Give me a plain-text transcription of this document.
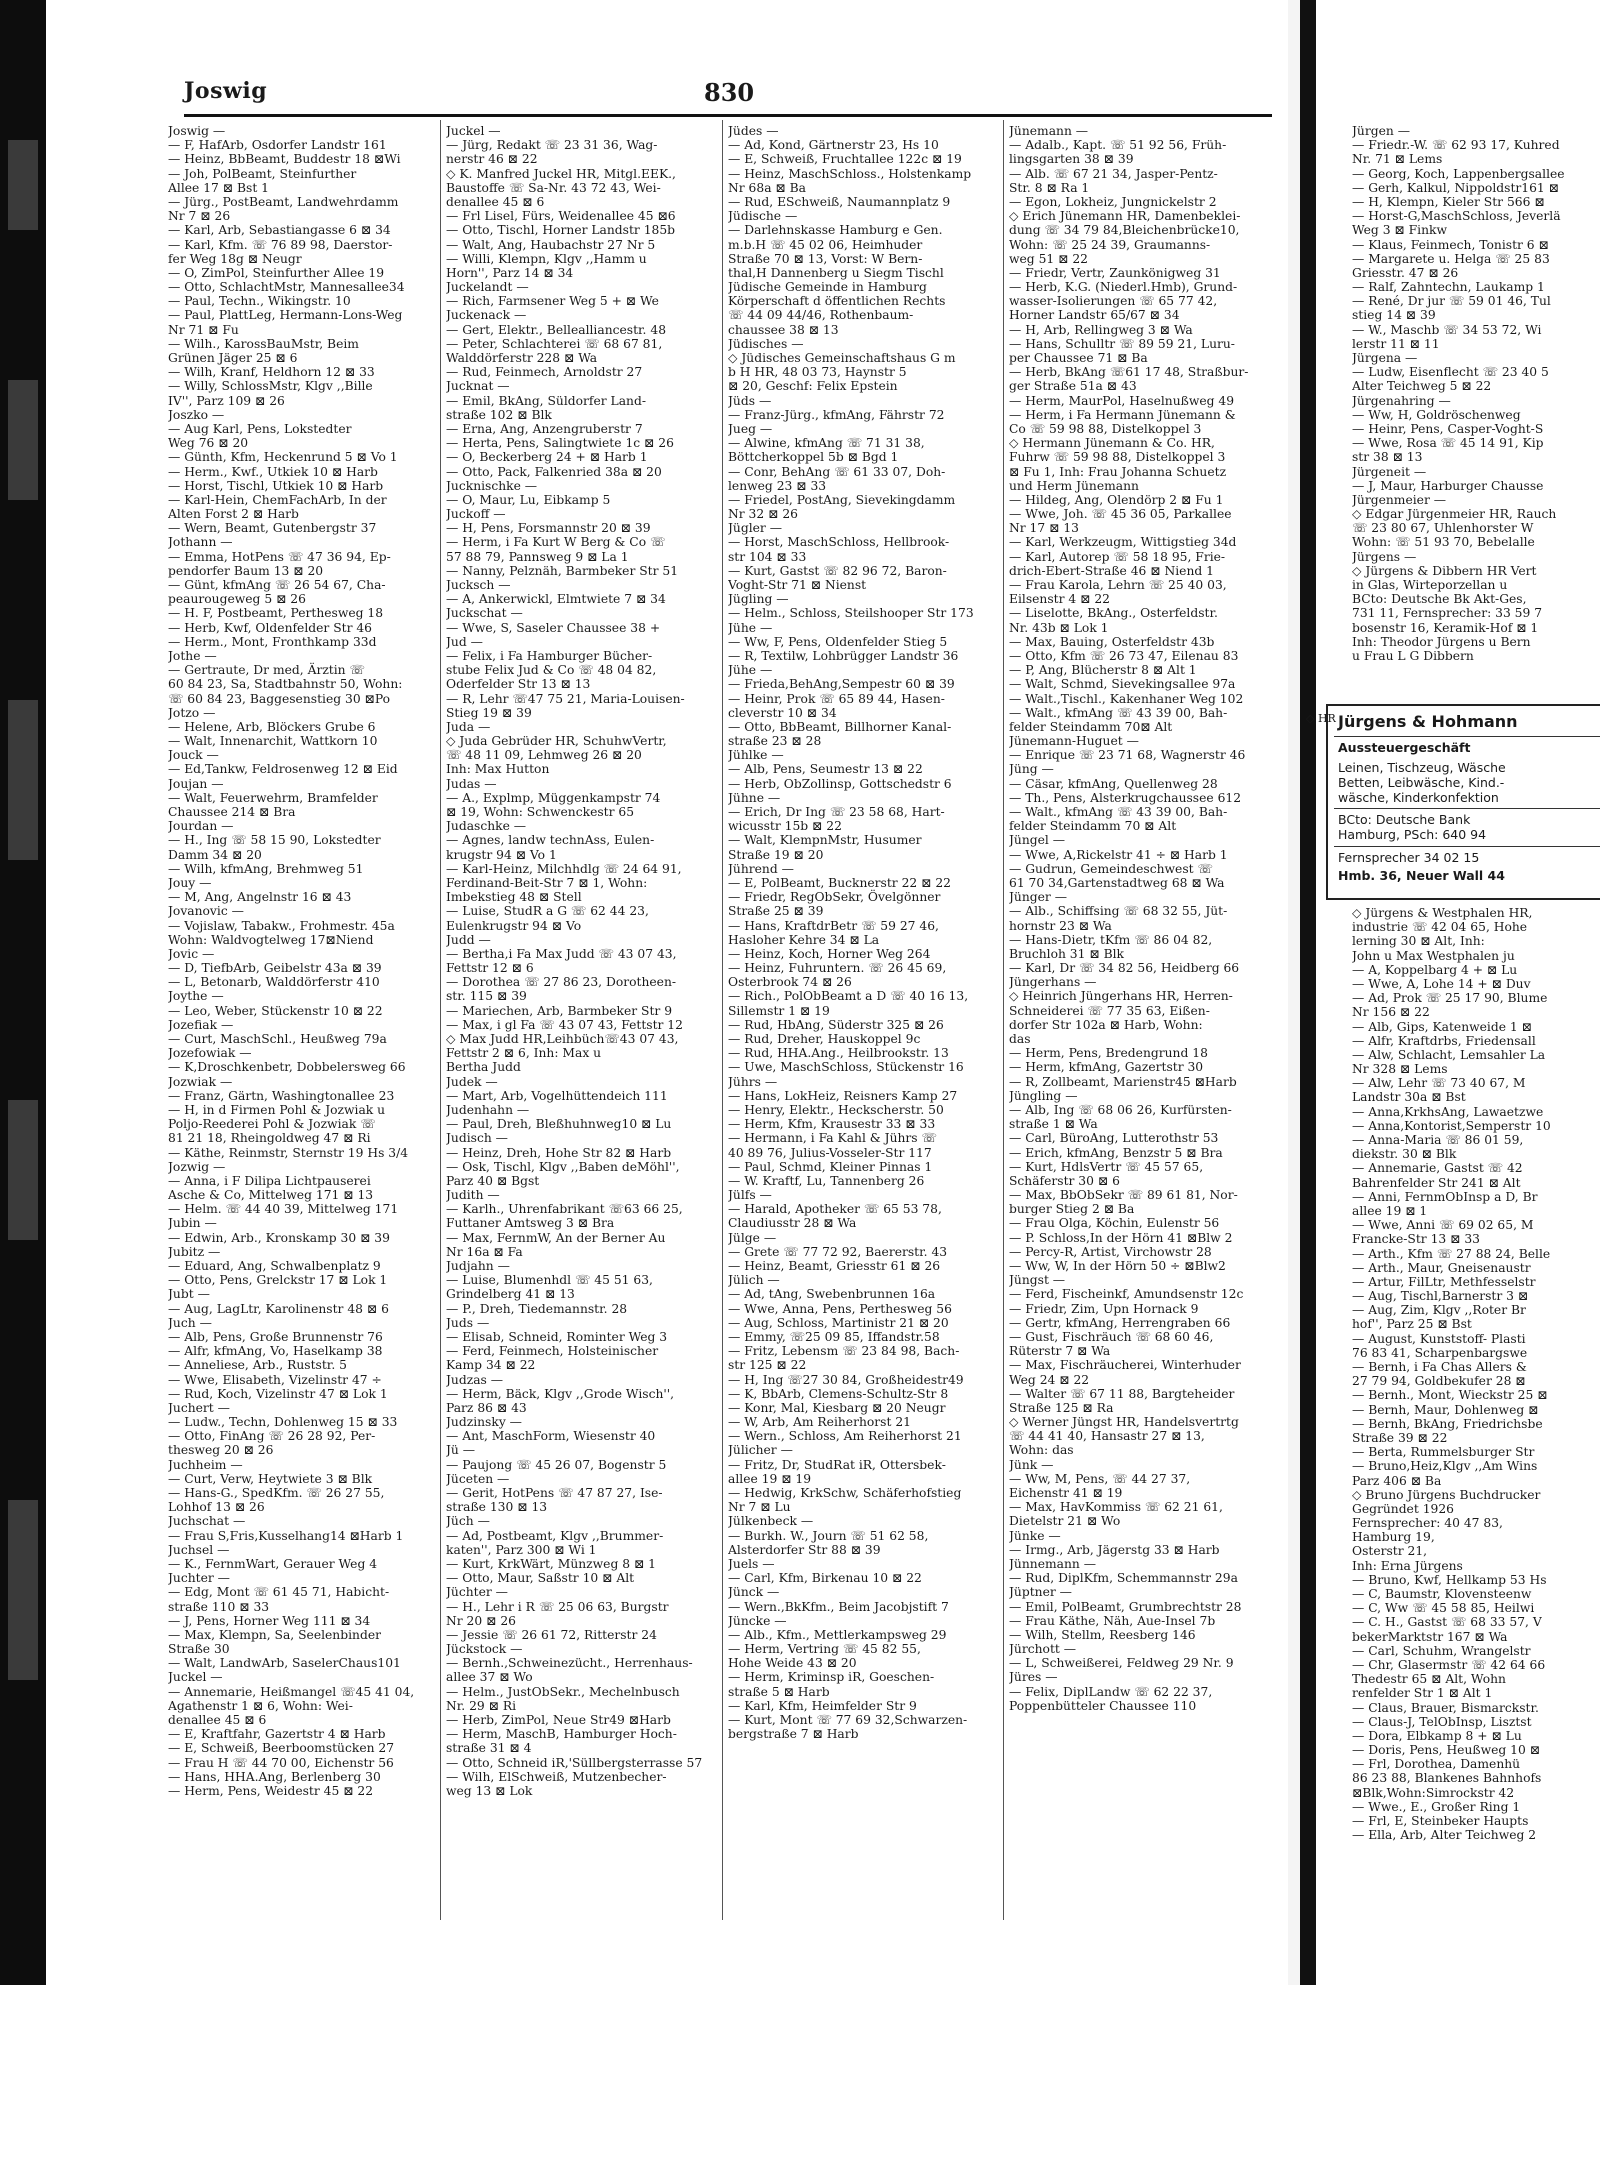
Joswig	830
Joswig —
— F, HafArb, Osdorfer Landstr 161
— Heinz, BbBeamt, Buddestr 18 ⊠Wi
— Joh, PolBeamt, Steinfurther
Allee 17 ⊠ Bst 1
— Jürg., PostBeamt, Landwehrdamm
Nr 7 ⊠ 26
— Karl, Arb, Sebastiangasse 6 ⊠ 34
— Karl, Kfm. ☏ 76 89 98, Daerstor-
fer Weg 18g ⊠ Neugr
— O, ZimPol, Steinfurther Allee 19
— Otto, SchlachtMstr, Mannesallee34
— Paul, Techn., Wikingstr. 10
— Paul, PlattLeg, Hermann-Lons-Weg
Nr 71 ⊠ Fu
— Wilh., KarossBauMstr, Beim
Grünen Jäger 25 ⊠ 6
— Wilh, Kranf, Heldhorn 12 ⊠ 33
— Willy, SchlossMstr, Klgv ,,Bille
IV'', Parz 109 ⊠ 26
Joszko —
— Aug Karl, Pens, Lokstedter
Weg 76 ⊠ 20
— Günth, Kfm, Heckenrund 5 ⊠ Vo 1
— Herm., Kwf., Utkiek 10 ⊠ Harb
— Horst, Tischl, Utkiek 10 ⊠ Harb
— Karl-Hein, ChemFachArb, In der
Alten Forst 2 ⊠ Harb
— Wern, Beamt, Gutenbergstr 37
Jothann —
— Emma, HotPens ☏ 47 36 94, Ep-
pendorfer Baum 13 ⊠ 20
— Günt, kfmAng ☏ 26 54 67, Cha-
peaurougeweg 5 ⊠ 26
— H. F, Postbeamt, Perthesweg 18
— Herb, Kwf, Oldenfelder Str 46
— Herm., Mont, Fronthkamp 33d
Jothe —
— Gertraute, Dr med, Ärztin ☏
60 84 23, Sa, Stadtbahnstr 50, Wohn:
☏ 60 84 23, Baggesenstieg 30 ⊠Po
Jotzo —
— Helene, Arb, Blöckers Grube 6
— Walt, Innenarchit, Wattkorn 10
Jouck —
— Ed,Tankw, Feldrosenweg 12 ⊠ Eid
Joujan —
— Walt, Feuerwehrm, Bramfelder
Chaussee 214 ⊠ Bra
Jourdan —
— H., Ing ☏ 58 15 90, Lokstedter
Damm 34 ⊠ 20
— Wilh, kfmAng, Brehmweg 51
Jouy —
— M, Ang, Angelnstr 16 ⊠ 43
Jovanovic —
— Vojislaw, Tabakw., Frohmestr. 45a
Wohn: Waldvogtelweg 17⊠Niend
Jovic —
— D, TiefbArb, Geibelstr 43a ⊠ 39
— L, Betonarb, Walddörferstr 410
Joythe —
— Leo, Weber, Stückenstr 10 ⊠ 22
Jozefiak —
— Curt, MaschSchl., Heußweg 79a
Jozefowiak —
— K,Droschkenbetr, Dobbelersweg 66
Jozwiak —
— Franz, Gärtn, Washingtonallee 23
— H, in d Firmen Pohl & Jozwiak u
Poljo-Reederei Pohl & Jozwiak ☏
81 21 18, Rheingoldweg 47 ⊠ Ri
— Käthe, Reinmstr, Sternstr 19 Hs 3/4
Jozwig —
— Anna, i F Dilipa Lichtpauserei
Asche & Co, Mittelweg 171 ⊠ 13
— Helm. ☏ 44 40 39, Mittelweg 171
Jubin —
— Edwin, Arb., Kronskamp 30 ⊠ 39
Jubitz —
— Eduard, Ang, Schwalbenplatz 9
— Otto, Pens, Grelckstr 17 ⊠ Lok 1
Jubt —
— Aug, LagLtr, Karolinenstr 48 ⊠ 6
Juch —
— Alb, Pens, Große Brunnenstr 76
— Alfr, kfmAng, Vo, Haselkamp 38
— Anneliese, Arb., Ruststr. 5
— Wwe, Elisabeth, Vizelinstr 47 ÷
— Rud, Koch, Vizelinstr 47 ⊠ Lok 1
Juchert —
— Ludw., Techn, Dohlenweg 15 ⊠ 33
— Otto, FinAng ☏ 26 28 92, Per-
thesweg 20 ⊠ 26
Juchheim —
— Curt, Verw, Heytwiete 3 ⊠ Blk
— Hans-G., SpedKfm. ☏ 26 27 55,
Lohhof 13 ⊠ 26
Juchschat —
— Frau S,Fris,Kusselhang14 ⊠Harb 1
Juchsel —
— K., FernmWart, Gerauer Weg 4
Juchter —
— Edg, Mont ☏ 61 45 71, Habicht-
straße 110 ⊠ 33
— J, Pens, Horner Weg 111 ⊠ 34
— Max, Klempn, Sa, Seelenbinder
Straße 30
— Walt, LandwArb, SaselerChaus101
Juckel —
— Annemarie, Heißmangel ☏45 41 04,
Agathenstr 1 ⊠ 6, Wohn: Wei-
denallee 45 ⊠ 6
— E, Kraftfahr, Gazertstr 4 ⊠ Harb
— E, Schweiß, Beerboomstücken 27
— Frau H ☏ 44 70 00, Eichenstr 56
— Hans, HHA.Ang, Berlenberg 30
— Herm, Pens, Weidestr 45 ⊠ 22
Juckel —
— Jürg, Redakt ☏ 23 31 36, Wag-
nerstr 46 ⊠ 22
◇ K. Manfred Juckel HR, Mitgl.EEK.,
Baustoffe ☏ Sa-Nr. 43 72 43, Wei-
denallee 45 ⊠ 6
— Frl Lisel, Fürs, Weidenallee 45 ⊠6
— Otto, Tischl, Horner Landstr 185b
— Walt, Ang, Haubachstr 27 Nr 5
— Willi, Klempn, Klgv ,,Hamm u
Horn'', Parz 14 ⊠ 34
Juckelandt —
— Rich, Farmsener Weg 5 + ⊠ We
Juckenack —
— Gert, Elektr., Bellealliancestr. 48
— Peter, Schlachterei ☏ 68 67 81,
Walddörferstr 228 ⊠ Wa
— Rud, Feinmech, Arnoldstr 27
Jucknat —
— Emil, BkAng, Süldorfer Land-
straße 102 ⊠ Blk
— Erna, Ang, Anzengruberstr 7
— Herta, Pens, Salingtwiete 1c ⊠ 26
— O, Beckerberg 24 + ⊠ Harb 1
— Otto, Pack, Falkenried 38a ⊠ 20
Jucknischke —
— O, Maur, Lu, Eibkamp 5
Juckoff —
— H, Pens, Forsmannstr 20 ⊠ 39
— Herm, i Fa Kurt W Berg & Co ☏
57 88 79, Pannsweg 9 ⊠ La 1
— Nanny, Pelznäh, Barmbeker Str 51
Jucksch —
— A, Ankerwickl, Elmtwiete 7 ⊠ 34
Juckschat —
— Wwe, S, Saseler Chaussee 38 +
Jud —
— Felix, i Fa Hamburger Bücher-
stube Felix Jud & Co ☏ 48 04 82,
Oderfelder Str 13 ⊠ 13
— R, Lehr ☏47 75 21, Maria-Louisen-
Stieg 19 ⊠ 39
Juda —
◇ Juda Gebrüder HR, SchuhwVertr,
☏ 48 11 09, Lehmweg 26 ⊠ 20
Inh: Max Hutton
Judas —
— A., Explmp, Müggenkampstr 74
⊠ 19, Wohn: Schwenckestr 65
Judaschke —
— Agnes, landw technAss, Eulen-
krugstr 94 ⊠ Vo 1
— Karl-Heinz, Milchhdlg ☏ 24 64 91,
Ferdinand-Beit-Str 7 ⊠ 1, Wohn:
Imbekstieg 48 ⊠ Stell
— Luise, StudR a G ☏ 62 44 23,
Eulenkrugstr 94 ⊠ Vo
Judd —
— Bertha,i Fa Max Judd ☏ 43 07 43,
Fettstr 12 ⊠ 6
— Dorothea ☏ 27 86 23, Dorotheen-
str. 115 ⊠ 39
— Mariechen, Arb, Barmbeker Str 9
— Max, i gl Fa ☏ 43 07 43, Fettstr 12
◇ Max Judd HR,Leihbüch☏43 07 43,
Fettstr 2 ⊠ 6, Inh: Max u
Bertha Judd
Judek —
— Mart, Arb, Vogelhüttendeich 111
Judenhahn —
— Paul, Dreh, Bleßhuhnweg10 ⊠ Lu
Judisch —
— Heinz, Dreh, Hohe Str 82 ⊠ Harb
— Osk, Tischl, Klgv ,,Baben deMöhl'',
Parz 40 ⊠ Bgst
Judith —
— Karlh., Uhrenfabrikant ☏63 66 25,
Futtaner Amtsweg 3 ⊠ Bra
— Max, FernmW, An der Berner Au
Nr 16a ⊠ Fa
Judjahn —
— Luise, Blumenhdl ☏ 45 51 63,
Grindelberg 41 ⊠ 13
— P., Dreh, Tiedemannstr. 28
Juds —
— Elisab, Schneid, Rominter Weg 3
— Ferd, Feinmech, Holsteinischer
Kamp 34 ⊠ 22
Judzas —
— Herm, Bäck, Klgv ,,Grode Wisch'',
Parz 86 ⊠ 43
Judzinsky —
— Ant, MaschForm, Wiesenstr 40
Jü —
— Paujong ☏ 45 26 07, Bogenstr 5
Jüceten —
— Gerit, HotPens ☏ 47 87 27, Ise-
straße 130 ⊠ 13
Jüch —
— Ad, Postbeamt, Klgv ,,Brummer-
katen'', Parz 300 ⊠ Wi 1
— Kurt, KrkWärt, Münzweg 8 ⊠ 1
— Otto, Maur, Saßstr 10 ⊠ Alt
Jüchter —
— H., Lehr i R ☏ 25 06 63, Burgstr
Nr 20 ⊠ 26
— Jessie ☏ 26 61 72, Ritterstr 24
Jückstock —
— Bernh.,Schweinezücht., Herrenhaus-
allee 37 ⊠ Wo
— Helm., JustObSekr., Mechelnbusch
Nr. 29 ⊠ Ri
— Herb, ZimPol, Neue Str49 ⊠Harb
— Herm, MaschB, Hamburger Hoch-
straße 31 ⊠ 4
— Otto, Schneid iR,'Süllbergsterrasse 57
— Wilh, ElSchweiß, Mutzenbecher-
weg 13 ⊠ Lok
Jüdes —
— Ad, Kond, Gärtnerstr 23, Hs 10
— E, Schweiß, Fruchtallee 122c ⊠ 19
— Heinz, MaschSchloss., Holstenkamp
Nr 68a ⊠ Ba
— Rud, ESchweiß, Naumannplatz 9
Jüdische —
— Darlehnskasse Hamburg e Gen.
m.b.H ☏ 45 02 06, Heimhuder
Straße 70 ⊠ 13, Vorst: W Bern-
thal,H Dannenberg u Siegm Tischl
Jüdische Gemeinde in Hamburg
Körperschaft d öffentlichen Rechts
☏ 44 09 44/46, Rothenbaum-
chaussee 38 ⊠ 13
Jüdisches —
◇ Jüdisches Gemeinschaftshaus G m
b H HR, 48 03 73, Haynstr 5
⊠ 20, Geschf: Felix Epstein
Jüds —
— Franz-Jürg., kfmAng, Fährstr 72
Jueg —
— Alwine, kfmAng ☏ 71 31 38,
Böttcherkoppel 5b ⊠ Bgd 1
— Conr, BehAng ☏ 61 33 07, Doh-
lenweg 23 ⊠ 33
— Friedel, PostAng, Sievekingdamm
Nr 32 ⊠ 26
Jügler —
— Horst, MaschSchloss, Hellbrook-
str 104 ⊠ 33
— Kurt, Gastst ☏ 82 96 72, Baron-
Voght-Str 71 ⊠ Nienst
Jügling —
— Helm., Schloss, Steilshooper Str 173
Jühe —
— Ww, F, Pens, Oldenfelder Stieg 5
— R, Textilw, Lohbrügger Landstr 36
Jühe —
— Frieda,BehAng,Sempestr 60 ⊠ 39
— Heinr, Prok ☏ 65 89 44, Hasen-
cleverstr 10 ⊠ 34
— Otto, BbBeamt, Billhorner Kanal-
straße 23 ⊠ 28
Jühlke —
— Alb, Pens, Seumestr 13 ⊠ 22
— Herb, ObZollinsp, Gottschedstr 6
Jühne —
— Erich, Dr Ing ☏ 23 58 68, Hart-
wicusstr 15b ⊠ 22
— Walt, KlempnMstr, Husumer
Straße 19 ⊠ 20
Jührend —
— E, PolBeamt, Bucknerstr 22 ⊠ 22
— Friedr, RegObSekr, Övelgönner
Straße 25 ⊠ 39
— Hans, KraftdrBetr ☏ 59 27 46,
Hasloher Kehre 34 ⊠ La
— Heinz, Koch, Horner Weg 264
— Heinz, Fuhruntern. ☏ 26 45 69,
Osterbrook 74 ⊠ 26
— Rich., PolObBeamt a D ☏ 40 16 13,
Sillemstr 1 ⊠ 19
— Rud, HbAng, Süderstr 325 ⊠ 26
— Rud, Dreher, Hauskoppel 9c
— Rud, HHA.Ang., Heilbrookstr. 13
— Uwe, MaschSchloss, Stückenstr 16
Jührs —
— Hans, LokHeiz, Reisners Kamp 27
— Henry, Elektr., Heckscherstr. 50
— Herm, Kfm, Krausestr 33 ⊠ 33
— Hermann, i Fa Kahl & Jührs ☏
40 89 76, Julius-Vosseler-Str 117
— Paul, Schmd, Kleiner Pinnas 1
— W. Kraftf, Lu, Tannenberg 26
Jülfs —
— Harald, Apotheker ☏ 65 53 78,
Claudiusstr 28 ⊠ Wa
Jülge —
— Grete ☏ 77 72 92, Baererstr. 43
— Heinz, Beamt, Griesstr 61 ⊠ 26
Jülich —
— Ad, tAng, Swebenbrunnen 16a
— Wwe, Anna, Pens, Perthesweg 56
— Aug, Schloss, Martinistr 21 ⊠ 20
— Emmy, ☏25 09 85, Iffandstr.58
— Fritz, Lebensm ☏ 23 84 98, Bach-
str 125 ⊠ 22
— H, Ing ☏27 30 84, Großheidestr49
— K, BbArb, Clemens-Schultz-Str 8
— Konr, Mal, Kiesbarg ⊠ 20 Neugr
— W, Arb, Am Reiherhorst 21
— Wern., Schloss, Am Reiherhorst 21
Jülicher —
— Fritz, Dr, StudRat iR, Ottersbek-
allee 19 ⊠ 19
— Hedwig, KrkSchw, Schäferhofstieg
Nr 7 ⊠ Lu
Jülkenbeck —
— Burkh. W., Journ ☏ 51 62 58,
Alsterdorfer Str 88 ⊠ 39
Juels —
— Carl, Kfm, Birkenau 10 ⊠ 22
Jünck —
— Wern.,BkKfm., Beim Jacobjstift 7
Jüncke —
— Alb., Kfm., Mettlerkampsweg 29
— Herm, Vertring ☏ 45 82 55,
Hohe Weide 43 ⊠ 20
— Herm, Kriminsp iR, Goeschen-
straße 5 ⊠ Harb
— Karl, Kfm, Heimfelder Str 9
— Kurt, Mont ☏ 77 69 32,Schwarzen-
bergstraße 7 ⊠ Harb
Jünemann —
— Adalb., Kapt. ☏ 51 92 56, Früh-
lingsgarten 38 ⊠ 39
— Alb. ☏ 67 21 34, Jasper-Pentz-
Str. 8 ⊠ Ra 1
— Egon, Lokheiz, Jungnickelstr 2
◇ Erich Jünemann HR, Damenbeklei-
dung ☏ 34 79 84,Bleichenbrücke10,
Wohn: ☏ 25 24 39, Graumanns-
weg 51 ⊠ 22
— Friedr, Vertr, Zaunkönigweg 31
— Herb, K.G. (Niederl.Hmb), Grund-
wasser-Isolierungen ☏ 65 77 42,
Horner Landstr 65/67 ⊠ 34
— H, Arb, Rellingweg 3 ⊠ Wa
— Hans, Schulltr ☏ 89 59 21, Luru-
per Chaussee 71 ⊠ Ba
— Herb, BkAng ☏61 17 48, Straßbur-
ger Straße 51a ⊠ 43
— Herm, MaurPol, Haselnußweg 49
— Herm, i Fa Hermann Jünemann &
Co ☏ 59 98 88, Distelkoppel 3
◇ Hermann Jünemann & Co. HR,
Fuhrw ☏ 59 98 88, Distelkoppel 3
⊠ Fu 1, Inh: Frau Johanna Schuetz
und Herm Jünemann
— Hildeg, Ang, Olendörp 2 ⊠ Fu 1
— Wwe, Joh. ☏ 45 36 05, Parkallee
Nr 17 ⊠ 13
— Karl, Werkzeugm, Wittigstieg 34d
— Karl, Autorep ☏ 58 18 95, Frie-
drich-Ebert-Straße 46 ⊠ Niend 1
— Frau Karola, Lehrn ☏ 25 40 03,
Eilsenstr 4 ⊠ 22
— Liselotte, BkAng., Osterfeldstr.
Nr. 43b ⊠ Lok 1
— Max, Bauing, Osterfeldstr 43b
— Otto, Kfm ☏ 26 73 47, Eilenau 83
— P, Ang, Blücherstr 8 ⊠ Alt 1
— Walt, Schmd, Sievekingsallee 97a
— Walt.,Tischl., Kakenhaner Weg 102
— Walt., kfmAng ☏ 43 39 00, Bah-
felder Steindamm 70⊠ Alt
Jünemann-Huguet —
— Enrique ☏ 23 71 68, Wagnerstr 46
Jüng —
— Cäsar, kfmAng, Quellenweg 28
— Th., Pens, Alsterkrugchaussee 612
— Walt., kfmAng ☏ 43 39 00, Bah-
felder Steindamm 70 ⊠ Alt
Jüngel —
— Wwe, A,Rickelstr 41 ÷ ⊠ Harb 1
— Gudrun, Gemeindeschwest ☏
61 70 34,Gartenstadtweg 68 ⊠ Wa
Jünger —
— Alb., Schiffsing ☏ 68 32 55, Jüt-
hornstr 23 ⊠ Wa
— Hans-Dietr, tKfm ☏ 86 04 82,
Bruchloh 31 ⊠ Blk
— Karl, Dr ☏ 34 82 56, Heidberg 66
Jüngerhans —
◇ Heinrich Jüngerhans HR, Herren-
Schneiderei ☏ 77 35 63, Eißen-
dorfer Str 102a ⊠ Harb, Wohn:
das
— Herm, Pens, Bredengrund 18
— Herm, kfmAng, Gazertstr 30
— R, Zollbeamt, Marienstr45 ⊠Harb
Jüngling —
— Alb, Ing ☏ 68 06 26, Kurfürsten-
straße 1 ⊠ Wa
— Carl, BüroAng, Lutterothstr 53
— Erich, kfmAng, Benzstr 5 ⊠ Bra
— Kurt, HdlsVertr ☏ 45 57 65,
Schäferstr 30 ⊠ 6
— Max, BbObSekr ☏ 89 61 81, Nor-
burger Stieg 2 ⊠ Ba
— Frau Olga, Köchin, Eulenstr 56
— P. Schloss,In der Hörn 41 ⊠Blw 2
— Percy-R, Artist, Virchowstr 28
— Ww, W, In der Hörn 50 ÷ ⊠Blw2
Jüngst —
— Ferd, Fischeinkf, Amundsenstr 12c
— Friedr, Zim, Upn Hornack 9
— Gertr, kfmAng, Herrengraben 66
— Gust, Fischräuch ☏ 68 60 46,
Rüterstr 7 ⊠ Wa
— Max, Fischräucherei, Winterhuder
Weg 24 ⊠ 22
— Walter ☏ 67 11 88, Bargteheider
Straße 125 ⊠ Ra
◇ Werner Jüngst HR, Handelsvertrtg
☏ 44 41 40, Hansastr 27 ⊠ 13,
Wohn: das
Jünk —
— Ww, M, Pens, ☏ 44 27 37,
Eichenstr 41 ⊠ 19
— Max, HavKommiss ☏ 62 21 61,
Dietelstr 21 ⊠ Wo
Jünke —
— Irmg., Arb, Jägerstg 33 ⊠ Harb
Jünnemann —
— Rud, DiplKfm, Schemmannstr 29a
Jüptner —
— Emil, PolBeamt, Grumbrechtstr 28
— Frau Käthe, Näh, Aue-Insel 7b
— Wilh, Stellm, Reesberg 146
Jürchott —
— L, Schweißerei, Feldweg 29 Nr. 9
Jüres —
— Felix, DiplLandw ☏ 62 22 37,
Poppenbütteler Chaussee 110
Jürgen —
— Friedr.-W. ☏ 62 93 17, Kuhred
Nr. 71 ⊠ Lems
— Georg, Koch, Lappenbergsallee
— Gerh, Kalkul, Nippoldstr161 ⊠
— H, Klempn, Kieler Str 566 ⊠
— Horst-G,MaschSchloss, Jeverlä
Weg 3 ⊠ Finkw
— Klaus, Feinmech, Tonistr 6 ⊠
— Margarete u. Helga ☏ 25 83
Griesstr. 47 ⊠ 26
— Ralf, Zahntechn, Laukamp 1
— René, Dr jur ☏ 59 01 46, Tul
stieg 14 ⊠ 39
— W., Maschb ☏ 34 53 72, Wi
lerstr 11 ⊠ 11
Jürgena —
— Ludw, Eisenflecht ☏ 23 40 5
Alter Teichweg 5 ⊠ 22
Jürgenahring —
— Ww, H, Goldröschenweg
— Heinr, Pens, Casper-Voght-S
— Wwe, Rosa ☏ 45 14 91, Kip
str 38 ⊠ 13
Jürgeneit —
— J, Maur, Harburger Chausse
Jürgenmeier —
◇ Edgar Jürgenmeier HR, Rauch
☏ 23 80 67, Uhlenhorster W
Wohn: ☏ 51 93 70, Bebelalle
Jürgens —
◇ Jürgens & Dibbern HR Vert
in Glas, Wirteporzellan u
BCto: Deutsche Bk Akt-Ges,
731 11, Fernsprecher: 33 59 7
bosenstr 16, Keramik-Hof ⊠ 1
Inh: Theodor Jürgens u Bern
u Frau L G Dibbern
◇ Jürgens & Westphalen HR,
industrie ☏ 42 04 65, Hohe
lerning 30 ⊠ Alt, Inh:
John u Max Westphalen ju
— A, Koppelbarg 4 + ⊠ Lu
— Wwe, A, Lohe 14 + ⊠ Duv
— Ad, Prok ☏ 25 17 90, Blume
Nr 156 ⊠ 22
— Alb, Gips, Katenweide 1 ⊠
— Alfr, Kraftdrbs, Friedensall
— Alw, Schlacht, Lemsahler La
Nr 328 ⊠ Lems
— Alw, Lehr ☏ 73 40 67, M
Landstr 30a ⊠ Bst
— Anna,KrkhsAng, Lawaetzwe
— Anna,Kontorist,Semperstr 10
— Anna-Maria ☏ 86 01 59,
diekstr. 30 ⊠ Blk
— Annemarie, Gastst ☏ 42
Bahrenfelder Str 241 ⊠ Alt
— Anni, FernmObInsp a D, Br
allee 19 ⊠ 1
— Wwe, Anni ☏ 69 02 65, M
Francke-Str 13 ⊠ 33
— Arth., Kfm ☏ 27 88 24, Belle
— Arth., Maur, Gneisenaustr
— Artur, FilLtr, Methfesselstr
— Aug, Tischl,Barnerstr 3 ⊠
— Aug, Zim, Klgv ,,Roter Br
hof'', Parz 25 ⊠ Bst
— August, Kunststoff- Plasti
76 83 41, Scharpenbargswe
— Bernh, i Fa Chas Allers &
27 79 94, Goldbekufer 28 ⊠
— Bernh., Mont, Wieckstr 25 ⊠
— Bernh, Maur, Dohlenweg ⊠
— Bernh, BkAng, Friedrichsbe
Straße 39 ⊠ 22
— Berta, Rummelsburger Str
— Bruno,Heiz,Klgv ,,Am Wins
Parz 406 ⊠ Ba
◇ Bruno Jürgens Buchdrucker
Gegründet 1926
Fernsprecher: 40 47 83,
Hamburg 19,
Osterstr 21,
Inh: Erna Jürgens
— Bruno, Kwf, Hellkamp 53 Hs
— C, Baumstr, Klovensteenw
— C, Ww ☏ 45 58 85, Heilwi
— C. H., Gastst ☏ 68 33 57, V
bekerMarktstr 167 ⊠ Wa
— Carl, Schuhm, Wrangelstr
— Chr, Glasermstr ☏ 42 64 66
Thedestr 65 ⊠ Alt, Wohn
renfelder Str 1 ⊠ Alt 1
— Claus, Brauer, Bismarckstr.
— Claus-J, TelObInsp, Lisztst
— Dora, Elbkamp 8 + ⊠ Lu
— Doris, Pens, Heußweg 10 ⊠
— Frl, Dorothea, Damenhü
86 23 88, Blankenes Bahnhofs
⊠Blk,Wohn:Simrockstr 42
— Wwe., E., Großer Ring 1
— Frl, E, Steinbeker Haupts
— Ella, Arb, Alter Teichweg 2
◇ HR Jürgens & Hohmann
Aussteuergeschäft
Leinen, Tischzeug, Wäsche
Betten, Leibwäsche, Kind.-
wäsche, Kinderkonfektion
BCto: Deutsche Bank
Hamburg, PSch: 640 94
Fernsprecher 34 02 15
Hmb. 36, Neuer Wall 44
